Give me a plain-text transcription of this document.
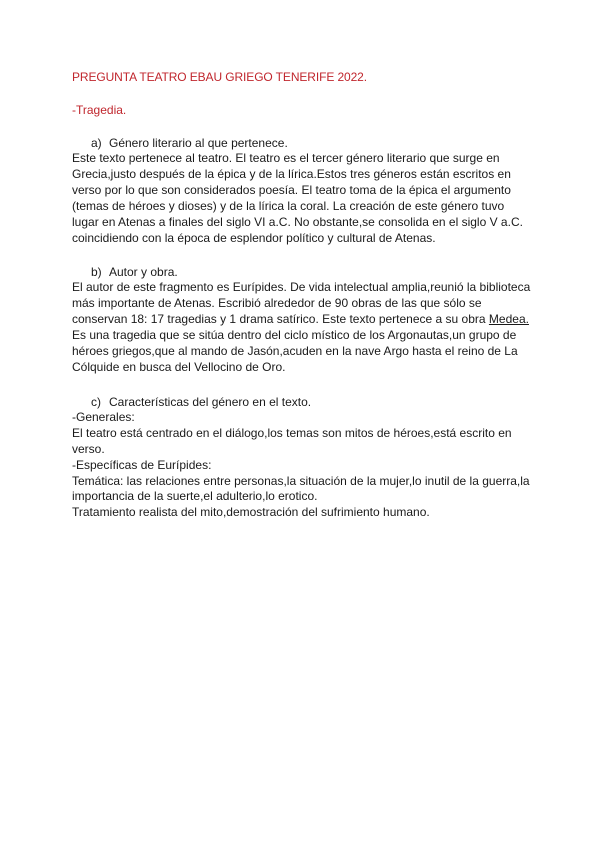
PREGUNTA TEATRO EBAU GRIEGO TENERIFE 2022.

-Tragedia.

a) Género literario al que pertenece.

Este texto pertenece al teatro. El teatro es el tercer género literario que surge en Grecia,justo después de la épica y de la lírica.Estos tres géneros están escritos en verso por lo que son considerados poesía. El teatro toma de la épica el argumento (temas de héroes y dioses) y de la lírica la coral. La creación de este género tuvo lugar en Atenas a finales del siglo VI a.C. No obstante,se consolida en el siglo V a.C. coincidiendo con la época de esplendor político y cultural de Atenas.

b) Autor y obra.

El autor de este fragmento es Eurípides. De vida intelectual amplia,reunió la biblioteca más importante de Atenas. Escribió alrededor de 90 obras de las que sólo se conservan 18: 17 tragedias y 1 drama satírico. Este texto pertenece a su obra Medea. Es una tragedia que se sitúa dentro del ciclo místico de los Argonautas,un grupo de héroes griegos,que al mando de Jasón,acuden en la nave Argo hasta el reino de La Cólquide en busca del Vellocino de Oro.

c) Características del género en el texto.

-Generales:

El teatro está centrado en el diálogo,los temas son mitos de héroes,está escrito en verso.

-Específicas de Eurípides:

Temática: las relaciones entre personas,la situación de la mujer,lo inutil de la guerra,la importancia de la suerte,el adulterio,lo erotico.

Tratamiento realista del mito,demostración del sufrimiento humano.
